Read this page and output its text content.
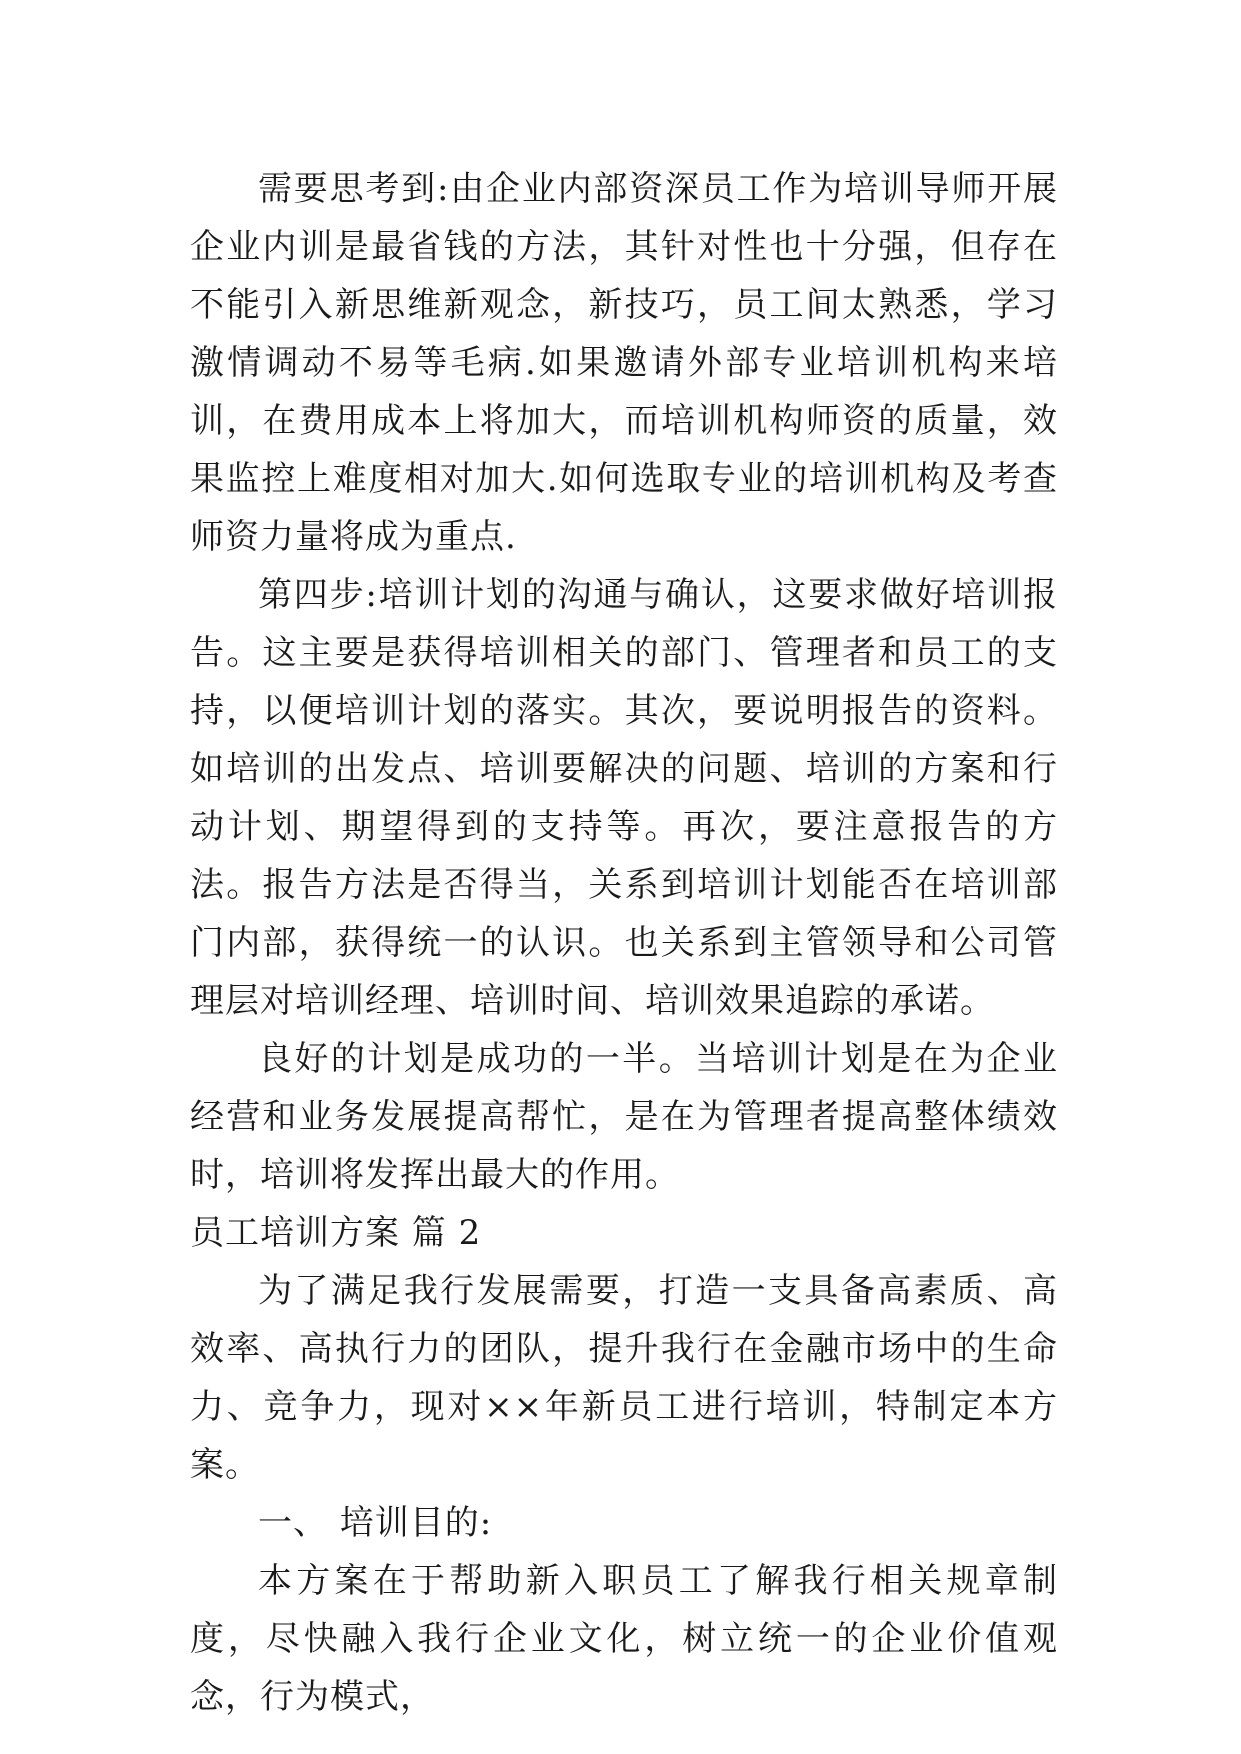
需要思考到:由企业内部资深员工作为培训导师开展企业内训是最省钱的方法，其针对性也十分强，但存在不能引入新思维新观念，新技巧，员工间太熟悉，学习激情调动不易等毛病.如果邀请外部专业培训机构来培训，在费用成本上将加大，而培训机构师资的质量，效果监控上难度相对加大.如何选取专业的培训机构及考查师资力量将成为重点.

第四步:培训计划的沟通与确认，这要求做好培训报告。这主要是获得培训相关的部门、管理者和员工的支持，以便培训计划的落实。其次，要说明报告的资料。如培训的出发点、培训要解决的问题、培训的方案和行动计划、期望得到的支持等。再次，要注意报告的方法。报告方法是否得当，关系到培训计划能否在培训部门内部，获得统一的认识。也关系到主管领导和公司管理层对培训经理、培训时间、培训效果追踪的承诺。

良好的计划是成功的一半。当培训计划是在为企业经营和业务发展提高帮忙，是在为管理者提高整体绩效时，培训将发挥出最大的作用。

员工培训方案 篇 2

为了满足我行发展需要，打造一支具备高素质、高效率、高执行力的团队，提升我行在金融市场中的生命力、竞争力，现对××年新员工进行培训，特制定本方案。

一、 培训目的:

本方案在于帮助新入职员工了解我行相关规章制度，尽快融入我行企业文化，树立统一的企业价值观念，行为模式，
